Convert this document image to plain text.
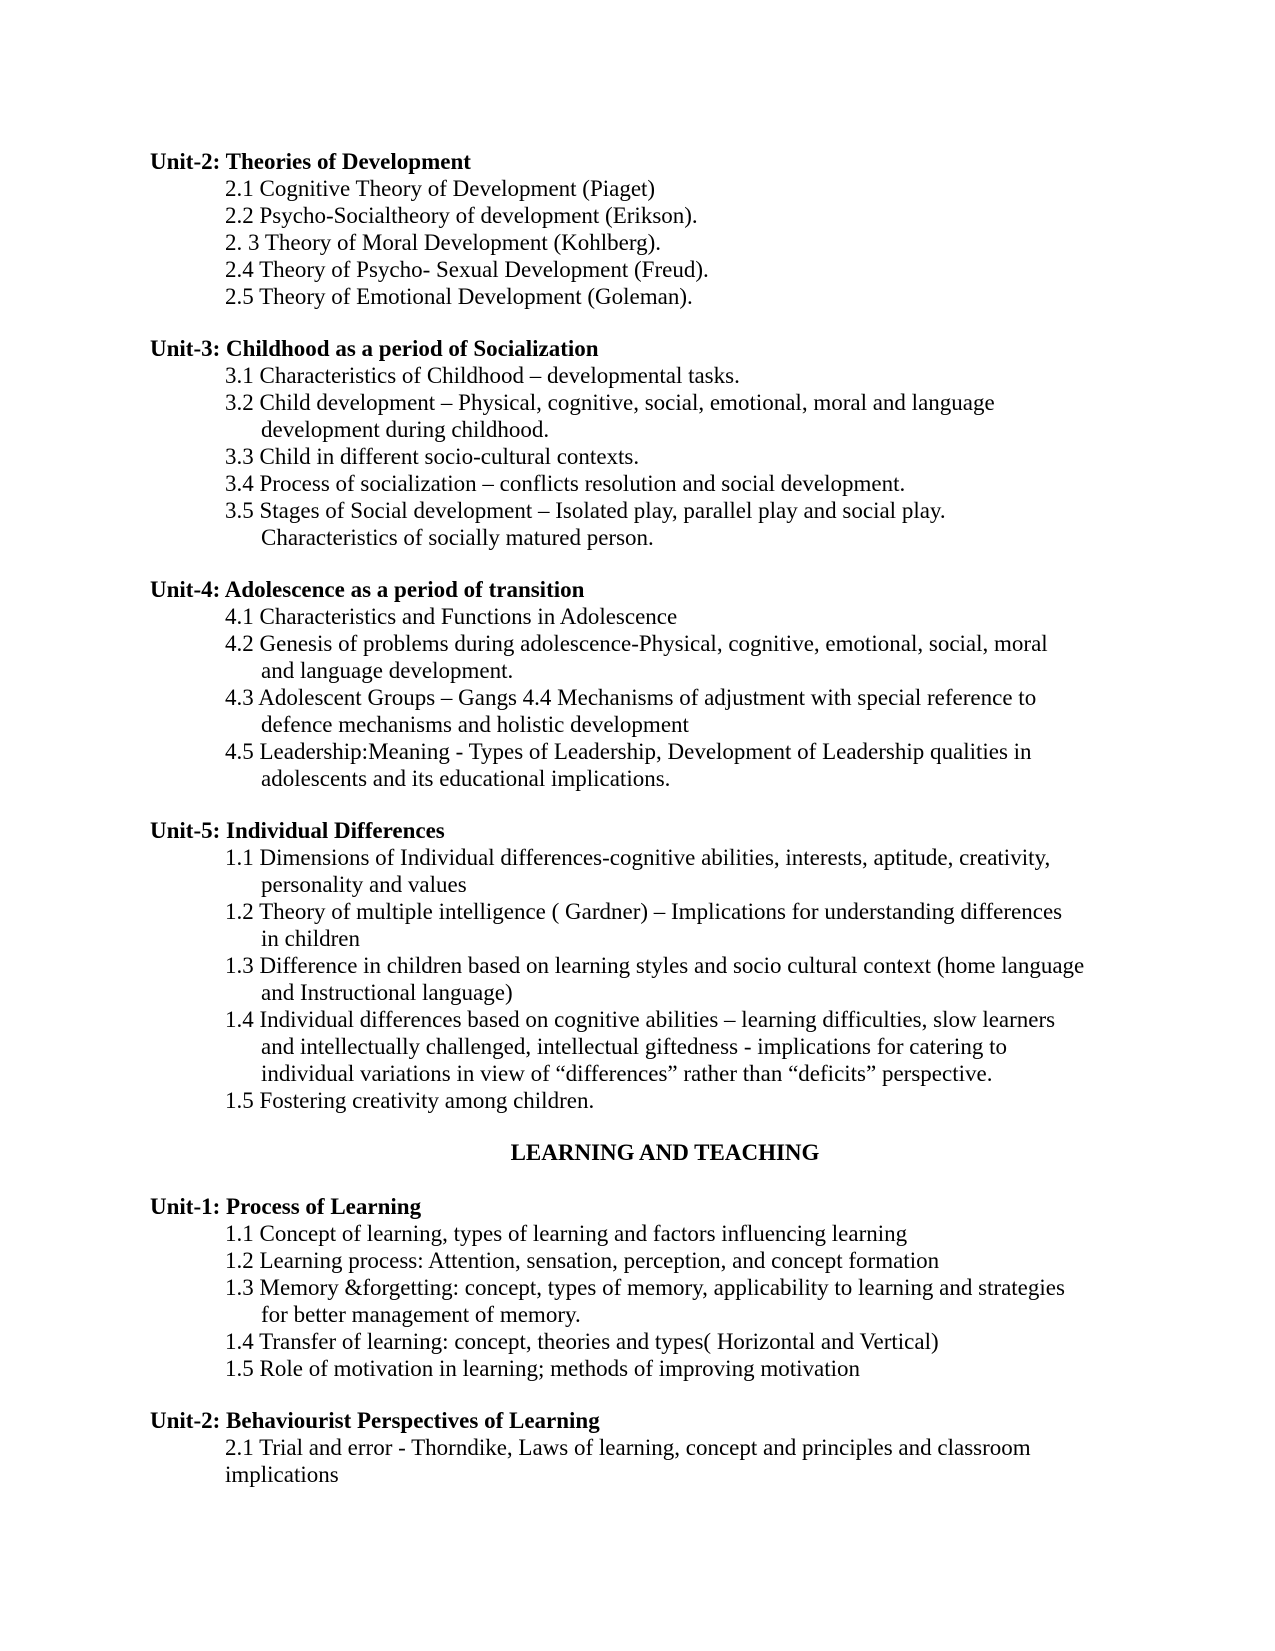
Unit-2: Theories of Development
2.1 Cognitive Theory of Development (Piaget)
2.2 Psycho-Socialtheory of development (Erikson).
2. 3 Theory of Moral Development (Kohlberg).
2.4 Theory of Psycho- Sexual Development (Freud).
2.5 Theory of Emotional Development (Goleman).
Unit-3: Childhood as a period of Socialization
3.1 Characteristics of Childhood – developmental tasks.
3.2 Child development – Physical, cognitive, social, emotional, moral and language
development during childhood.
3.3 Child in different socio-cultural contexts.
3.4 Process of socialization – conflicts resolution and social development.
3.5 Stages of Social development – Isolated play, parallel play and social play.
Characteristics of socially matured person.
Unit-4: Adolescence as a period of transition
4.1 Characteristics and Functions in Adolescence
4.2 Genesis of problems during adolescence-Physical, cognitive, emotional, social, moral
and language development.
4.3 Adolescent Groups – Gangs 4.4 Mechanisms of adjustment with special reference to
defence mechanisms and holistic development
4.5 Leadership:Meaning - Types of Leadership, Development of Leadership qualities in
adolescents and its educational implications.
Unit-5: Individual Differences
1.1 Dimensions of Individual differences-cognitive abilities, interests, aptitude, creativity,
personality and values
1.2 Theory of multiple intelligence ( Gardner) – Implications for understanding differences
in children
1.3 Difference in children based on learning styles and socio cultural context (home language
and Instructional language)
1.4 Individual differences based on cognitive abilities – learning difficulties, slow learners
and intellectually challenged, intellectual giftedness - implications for catering to
individual variations in view of “differences” rather than “deficits” perspective.
1.5 Fostering creativity among children.
LEARNING AND TEACHING
Unit-1: Process of Learning
1.1 Concept of learning, types of learning and factors influencing learning
1.2 Learning process: Attention, sensation, perception, and concept formation
1.3 Memory &forgetting: concept, types of memory, applicability to learning and strategies
for better management of memory.
1.4 Transfer of learning: concept, theories and types( Horizontal and Vertical)
1.5 Role of motivation in learning; methods of improving motivation
Unit-2: Behaviourist Perspectives of Learning
2.1 Trial and error - Thorndike, Laws of learning, concept and principles and classroom
implications
